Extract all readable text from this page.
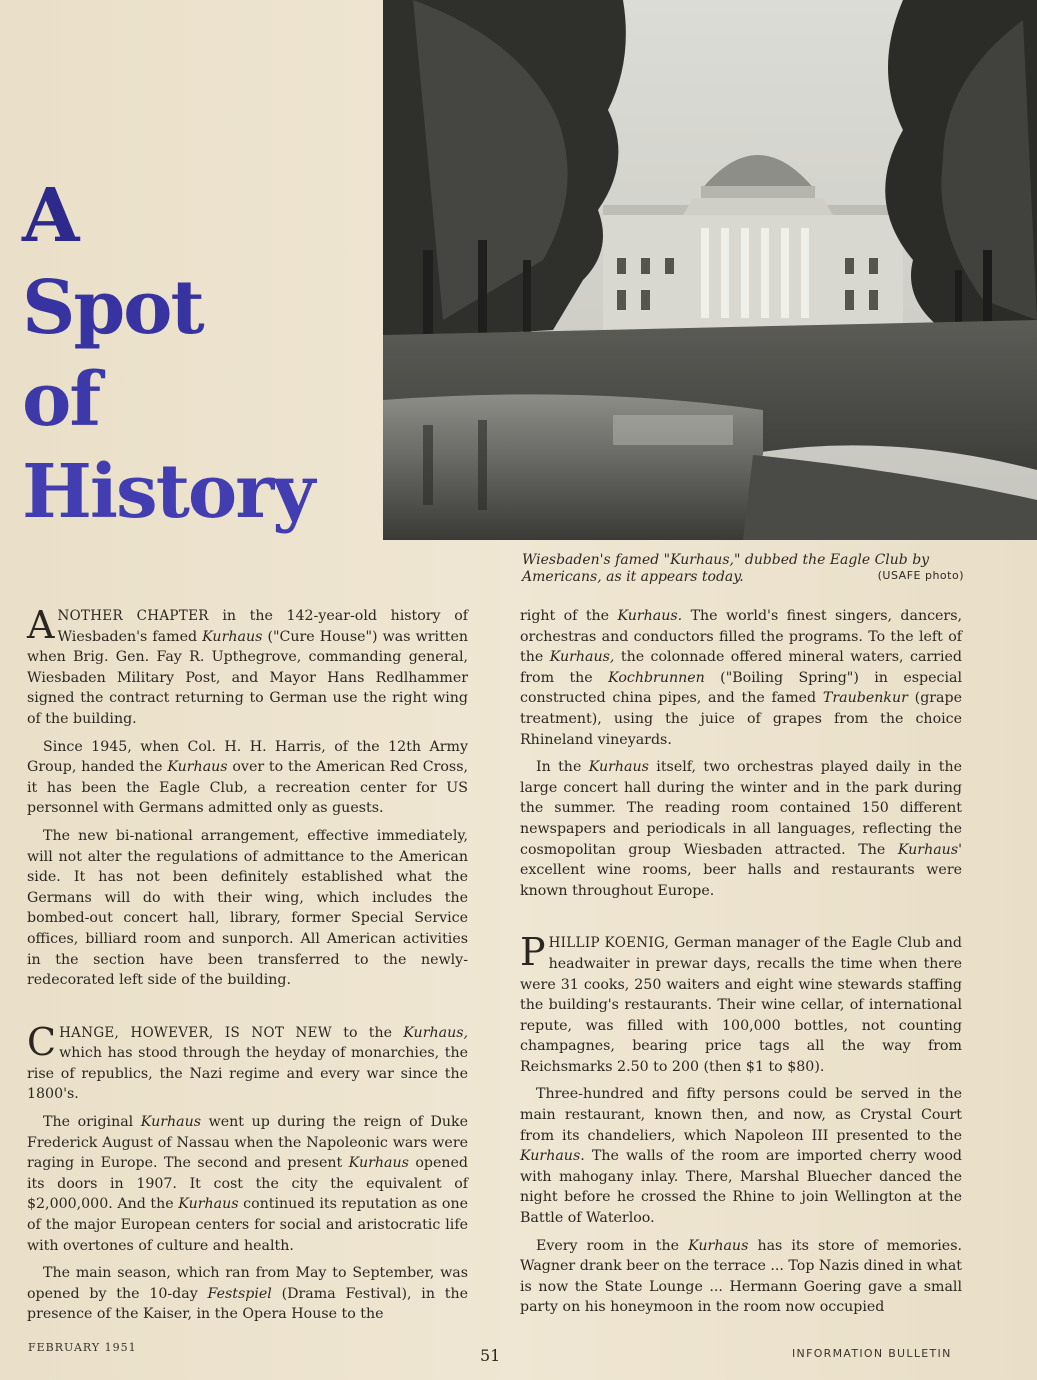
A
Spot
of
History
Wiesbaden's famed "Kurhaus," dubbed the Eagle Club by
Americans, as it appears today.	(USAFE photo)

ANOTHER CHAPTER in the 142-year-old history of Wiesbaden's famed Kurhaus ("Cure House") was written when Brig. Gen. Fay R. Upthegrove, commanding general, Wiesbaden Military Post, and Mayor Hans Redlhammer signed the contract returning to German use the right wing of the building.

Since 1945, when Col. H. H. Harris, of the 12th Army Group, handed the Kurhaus over to the American Red Cross, it has been the Eagle Club, a recreation center for US personnel with Germans admitted only as guests.

The new bi-national arrangement, effective immediately, will not alter the regulations of admittance to the American side. It has not been definitely established what the Germans will do with their wing, which includes the bombed-out concert hall, library, former Special Service offices, billiard room and sunporch. All American activities in the section have been transferred to the newly-redecorated left side of the building.

CHANGE, HOWEVER, IS NOT NEW to the Kurhaus, which has stood through the heyday of monarchies, the rise of republics, the Nazi regime and every war since the 1800's.

The original Kurhaus went up during the reign of Duke Frederick August of Nassau when the Napoleonic wars were raging in Europe. The second and present Kurhaus opened its doors in 1907. It cost the city the equivalent of $2,000,000. And the Kurhaus continued its reputation as one of the major European centers for social and aristocratic life with overtones of culture and health.

The main season, which ran from May to September, was opened by the 10-day Festspiel (Drama Festival), in the presence of the Kaiser, in the Opera House to the

right of the Kurhaus. The world's finest singers, dancers, orchestras and conductors filled the programs. To the left of the Kurhaus, the colonnade offered mineral waters, carried from the Kochbrunnen ("Boiling Spring") in especial constructed china pipes, and the famed Traubenkur (grape treatment), using the juice of grapes from the choice Rhineland vineyards.

In the Kurhaus itself, two orchestras played daily in the large concert hall during the winter and in the park during the summer. The reading room contained 150 different newspapers and periodicals in all languages, reflecting the cosmopolitan group Wiesbaden attracted. The Kurhaus' excellent wine rooms, beer halls and restaurants were known throughout Europe.

PHILLIP KOENIG, German manager of the Eagle Club and headwaiter in prewar days, recalls the time when there were 31 cooks, 250 waiters and eight wine stewards staffing the building's restaurants. Their wine cellar, of international repute, was filled with 100,000 bottles, not counting champagnes, bearing price tags all the way from Reichsmarks 2.50 to 200 (then $1 to $80).

Three-hundred and fifty persons could be served in the main restaurant, known then, and now, as Crystal Court from its chandeliers, which Napoleon III presented to the Kurhaus. The walls of the room are imported cherry wood with mahogany inlay. There, Marshal Bluecher danced the night before he crossed the Rhine to join Wellington at the Battle of Waterloo.

Every room in the Kurhaus has its store of memories. Wagner drank beer on the terrace ... Top Nazis dined in what is now the State Lounge ... Hermann Goering gave a small party on his honeymoon in the room now occupied

FEBRUARY 1951	51	INFORMATION BULLETIN
